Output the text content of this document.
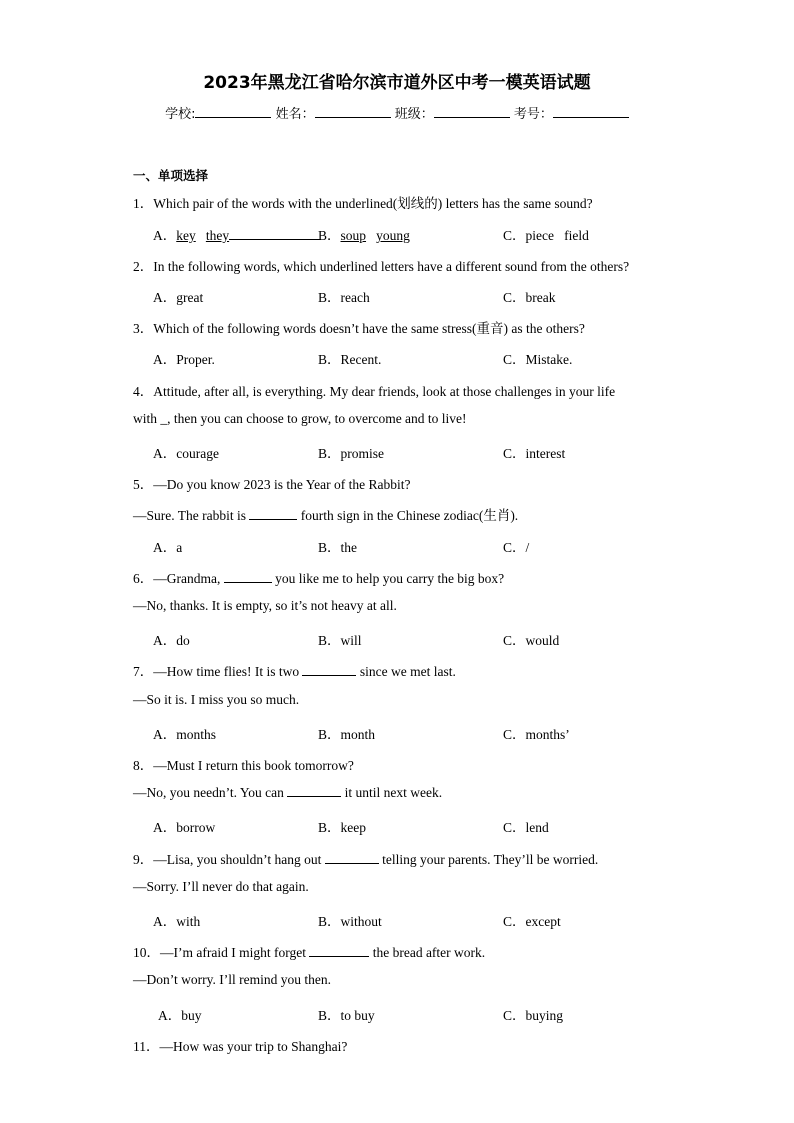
2023年黑龙江省哈尔滨市道外区中考一模英语试题
学校:	姓名：	班级：	考号：
一、单项选择
1．Which pair of the words with the underlined(划线的) letters has the same sound?
A．key they	B．soup young	C．piece field
2．In the following words, which underlined letters have a different sound from the others?
A．great	B．reach	C．break
3．Which of the following words doesn’t have the same stress(重音) as the others?
A．Proper.	B．Recent.	C．Mistake.
4．Attitude, after all, is everything. My dear friends, look at those challenges in your life
with _, then you can choose to grow, to overcome and to live!
A．courage	B．promise	C．interest
5．—Do you know 2023 is the Year of the Rabbit?
—Sure. The rabbit is	fourth sign in the Chinese zodiac(生肖).
A．a	B．the	C．/
6．—Grandma,	you like me to help you carry the big box?
—No, thanks. It is empty, so it’s not heavy at all.
A．do	B．will	C．would
7．—How time flies! It is two	since we met last.
—So it is. I miss you so much.
A．months	B．month	C．months’
8．—Must I return this book tomorrow?
—No, you needn’t. You can	it until next week.
A．borrow	B．keep	C．lend
9．—Lisa, you shouldn’t hang out	telling your parents. They’ll be worried.
—Sorry. I’ll never do that again.
A．with	B．without	C．except
10．—I’m afraid I might forget	the bread after work.
—Don’t worry. I’ll remind you then.
A．buy	B．to buy	C．buying
11．—How was your trip to Shanghai?
